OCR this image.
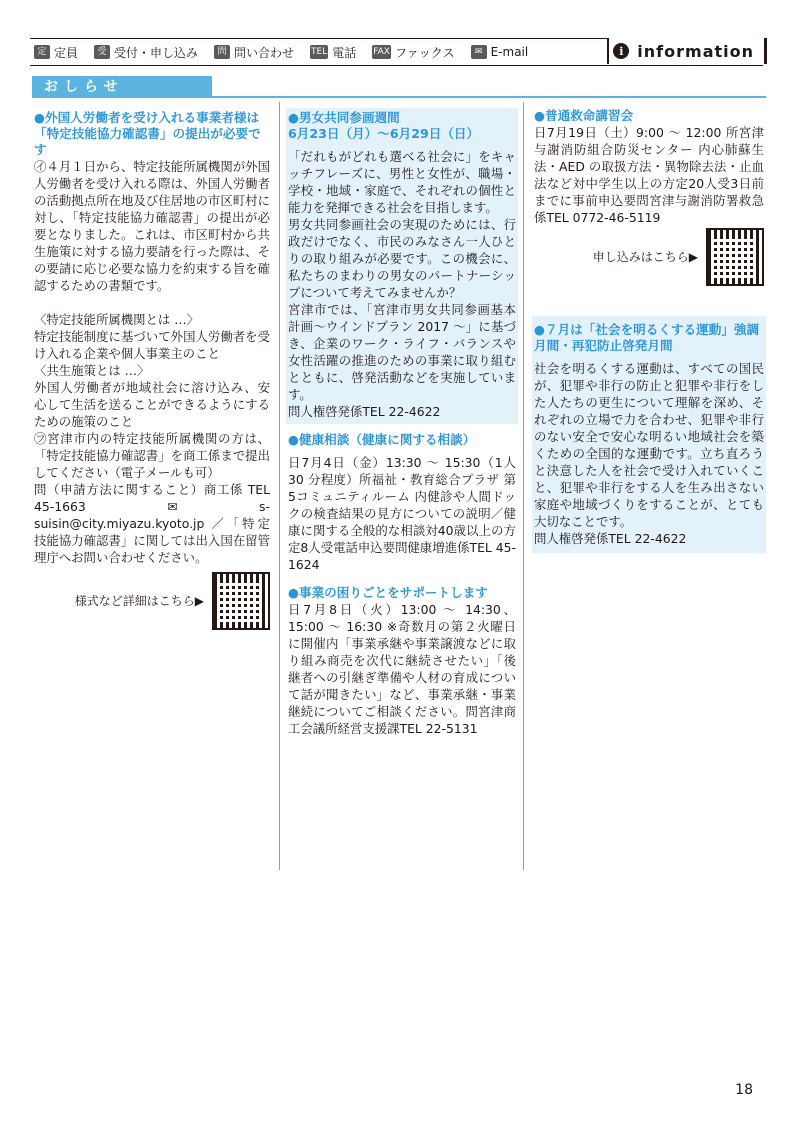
定 定員	受 受付・申し込み	問 問い合わせ TEL 電話 FAX ファックス	✉ E-mail	i information
おしらせ
●外国人労働者を受け入れる事業者様は「特定技能協力確認書」の提出が必要です

㋑４月１日から、特定技能所属機関が外国人労働者を受け入れる際は、外国人労働者の活動拠点所在地及び住居地の市区町村に対し、「特定技能協力確認書」の提出が必要となりました。これは、市区町村から共生施策に対する協力要請を行った際は、その要請に応じ必要な協力を約束する旨を確認するための書類です。

〈特定技能所属機関とは …〉

特定技能制度に基づいて外国人労働者を受け入れる企業や個人事業主のこと

〈共生施策とは …〉

外国人労働者が地域社会に溶け込み、安心して生活を送ることができるようにするための施策のこと

㋫宮津市内の特定技能所属機関の方は、「特定技能協力確認書」を商工係まで提出してください（電子メールも可）

問（申請方法に関すること）商工係 TEL 45-1663 ✉ s-suisin@city.miyazu.kyoto.jp ／「特定技能協力確認書」に関しては出入国在留管理庁へお問い合わせください。

様式など詳細はこちら▶
●男女共同参画週間
6月23日（月）～6月29日（日）

「だれもがどれも選べる社会に」をキャッチフレーズに、男性と女性が、職場・学校・地域・家庭で、それぞれの個性と能力を発揮できる社会を目指します。

男女共同参画社会の実現のためには、行政だけでなく、市民のみなさん一人ひとりの取り組みが必要です。この機会に、私たちのまわりの男女のパートナーシップについて考えてみませんか？

宮津市では、「宮津市男女共同参画基本計画～ウインドプラン 2017 ～」に基づき、企業のワーク・ライフ・バランスや女性活躍の推進のための事業に取り組むとともに、啓発活動などを実施しています。

問人権啓発係TEL 22-4622

●健康相談（健康に関する相談）

日7月4日（金）13:30 ～ 15:30（1人 30 分程度）所福祉・教育総合プラザ 第5コミュニティルーム 内健診や人間ドックの検査結果の見方についての説明／健康に関する全般的な相談対40歳以上の方定8人受電話申込要問健康増進係TEL 45-1624

●事業の困りごとをサポートします

日7月8日（火）13:00 ～ 14:30、15:00 ～ 16:30 ※奇数月の第２火曜日に開催内「事業承継や事業譲渡などに取り組み商売を次代に継続させたい」「後継者への引継ぎ準備や人材の育成について話が聞きたい」など、事業承継・事業継続についてご相談ください。問宮津商工会議所経営支援課TEL 22-5131

●普通救命講習会

日7月19日（土）9:00 ～ 12:00 所宮津与謝消防組合防災センター 内心肺蘇生法・AED の取扱方法・異物除去法・止血法など対中学生以上の方定20人受3日前までに事前申込要問宮津与謝消防署救急係TEL 0772-46-5119

申し込みはこちら▶
●７月は「社会を明るくする運動」強調月間・再犯防止啓発月間

社会を明るくする運動は、すべての国民が、犯罪や非行の防止と犯罪や非行をした人たちの更生について理解を深め、それぞれの立場で力を合わせ、犯罪や非行のない安全で安心な明るい地域社会を築くための全国的な運動です。立ち直ろうと決意した人を社会で受け入れていくこと、犯罪や非行をする人を生み出さない家庭や地域づくりをすることが、とても大切なことです。

問人権啓発係TEL 22-4622

18
